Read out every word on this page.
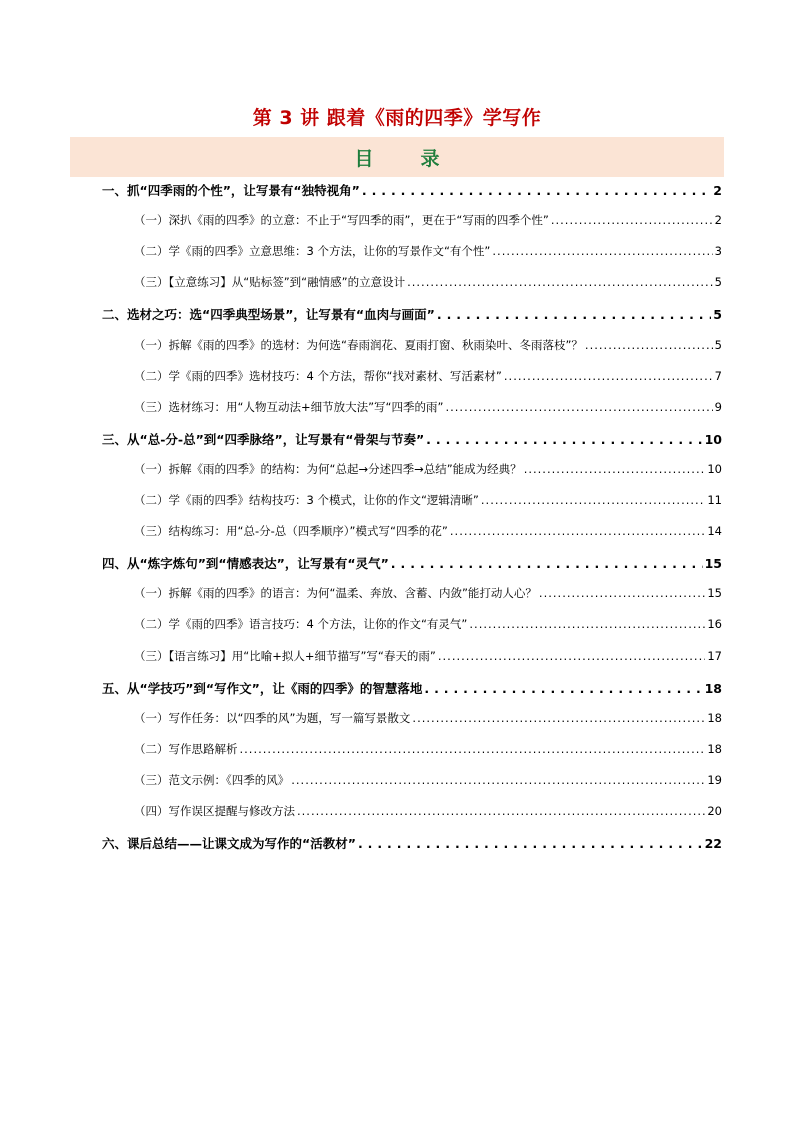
第 3 讲 跟着《雨的四季》学写作
目　录
一、抓“四季雨的个性”，让写景有“独特视角” . . .	2
（一）深扒《雨的四季》的立意：不止于“写四季的雨”，更在于“写雨的四季个性” .....	2
（二）学《雨的四季》立意思维：3 个方法，让你的写景作文“有个性” .....	3
（三）【立意练习】从“贴标签”到“融情感”的立意设计 .....	5
二、选材之巧：选“四季典型场景”，让写景有“血肉与画面” . . .	5
（一）拆解《雨的四季》的选材：为何选“春雨润花、夏雨打窗、秋雨染叶、冬雨落枝”？ .....	5
（二）学《雨的四季》选材技巧：4 个方法，帮你“找对素材、写活素材” .....	7
（三）选材练习：用“人物互动法+细节放大法”写“四季的雨” .....	9
三、从“总-分-总”到“四季脉络”，让写景有“骨架与节奏” . . .	10
（一）拆解《雨的四季》的结构：为何“总起→分述四季→总结”能成为经典？ .....	10
（二）学《雨的四季》结构技巧：3 个模式，让你的作文“逻辑清晰” .....	11
（三）结构练习：用“总-分-总（四季顺序）”模式写“四季的花” .....	14
四、从“炼字炼句”到“情感表达”，让写景有“灵气” . . .	15
（一）拆解《雨的四季》的语言：为何“温柔、奔放、含蓄、内敛”能打动人心？ .....	15
（二）学《雨的四季》语言技巧：4 个方法，让你的作文“有灵气” .....	16
（三）【语言练习】用“比喻+拟人+细节描写”写“春天的雨” .....	17
五、从“学技巧”到“写作文”，让《雨的四季》的智慧落地 . . .	18
（一）写作任务：以“四季的风”为题，写一篇写景散文 .....	18
（二）写作思路解析 .....	18
（三）范文示例：《四季的风》 .....	19
（四）写作误区提醒与修改方法 .....	20
六、课后总结——让课文成为写作的“活教材” . . .	22
